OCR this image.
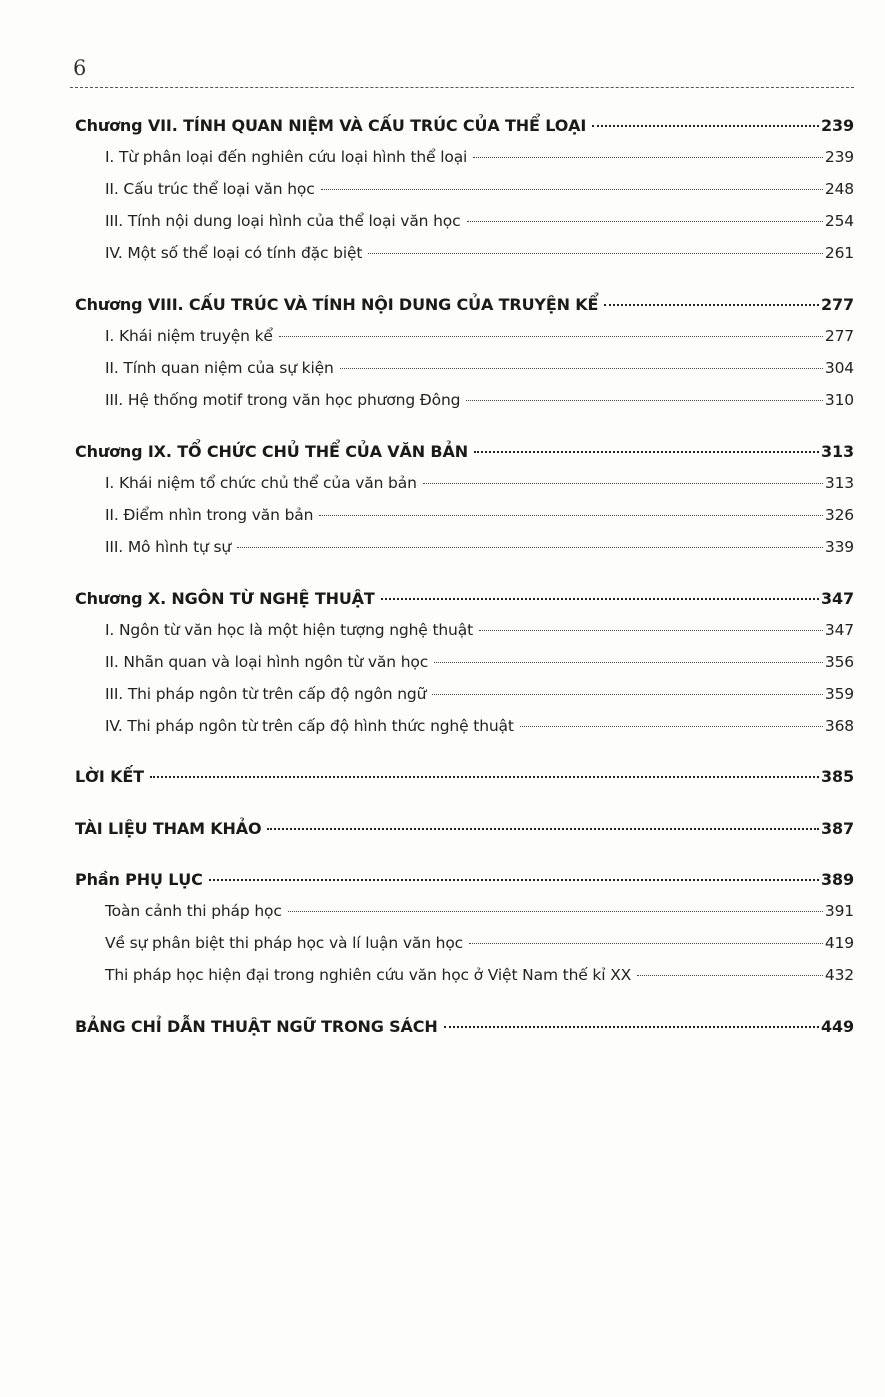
6
Chương VII. TÍNH QUAN NIỆM VÀ CẤU TRÚC CỦA THỂ LOẠI	239
I. Từ phân loại đến nghiên cứu loại hình thể loại	239
II. Cấu trúc thể loại văn học	248
III. Tính nội dung loại hình của thể loại văn học	254
IV. Một số thể loại có tính đặc biệt	261
Chương VIII. CẤU TRÚC VÀ TÍNH NỘI DUNG CỦA TRUYỆN KỂ	277
I. Khái niệm truyện kể	277
II. Tính quan niệm của sự kiện	304
III. Hệ thống motif trong văn học phương Đông	310
Chương IX. TỔ CHỨC CHỦ THỂ CỦA VĂN BẢN	313
I. Khái niệm tổ chức chủ thể của văn bản	313
II. Điểm nhìn trong văn bản	326
III. Mô hình tự sự	339
Chương X. NGÔN TỪ NGHỆ THUẬT	347
I. Ngôn từ văn học là một hiện tượng nghệ thuật	347
II. Nhãn quan và loại hình ngôn từ văn học	356
III. Thi pháp ngôn từ trên cấp độ ngôn ngữ	359
IV. Thi pháp ngôn từ trên cấp độ hình thức nghệ thuật	368
LỜI KẾT	385
TÀI LIỆU THAM KHẢO	387
Phần PHỤ LỤC	389
Toàn cảnh thi pháp học	391
Về sự phân biệt thi pháp học và lí luận văn học	419
Thi pháp học hiện đại trong nghiên cứu văn học ở Việt Nam thế kỉ XX	432
BẢNG CHỈ DẪN THUẬT NGỮ TRONG SÁCH	449
